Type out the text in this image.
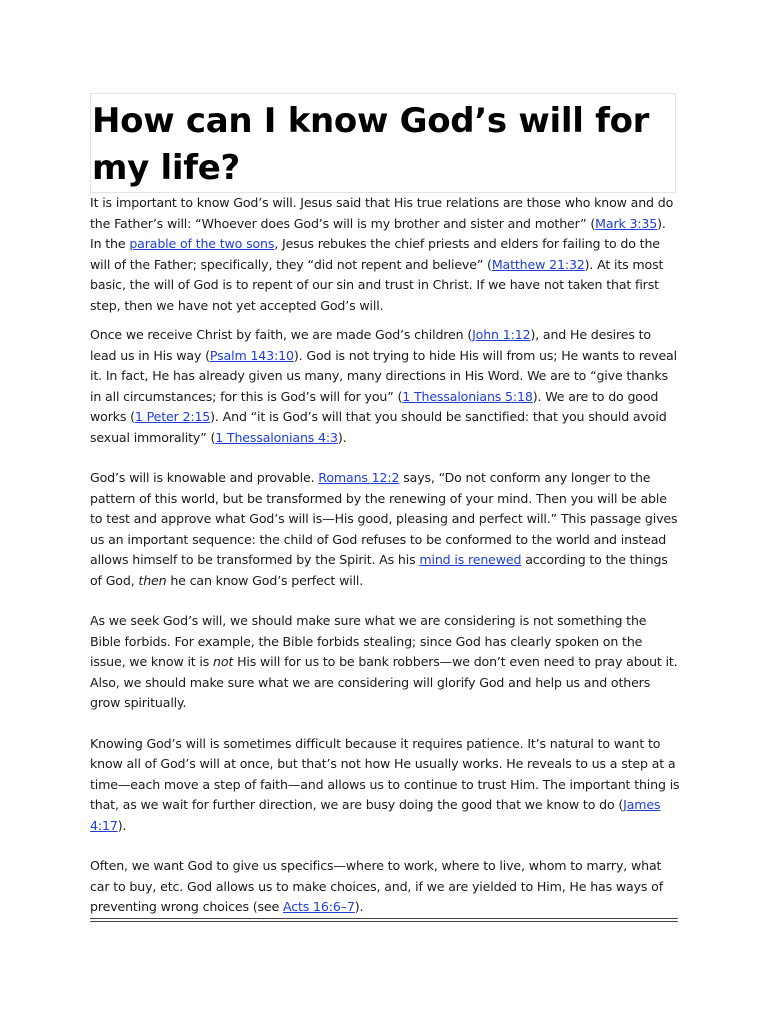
How can I know God’s will for my life?

It is important to know God’s will. Jesus said that His true relations are those who know and do the Father’s will: “Whoever does God’s will is my brother and sister and mother” (Mark 3:35). In the parable of the two sons, Jesus rebukes the chief priests and elders for failing to do the will of the Father; specifically, they “did not repent and believe” (Matthew 21:32). At its most basic, the will of God is to repent of our sin and trust in Christ. If we have not taken that first step, then we have not yet accepted God’s will.

Once we receive Christ by faith, we are made God’s children (John 1:12), and He desires to lead us in His way (Psalm 143:10). God is not trying to hide His will from us; He wants to reveal it. In fact, He has already given us many, many directions in His Word. We are to “give thanks in all circumstances; for this is God’s will for you” (1 Thessalonians 5:18). We are to do good works (1 Peter 2:15). And “it is God’s will that you should be sanctified: that you should avoid sexual immorality” (1 Thessalonians 4:3).

God’s will is knowable and provable. Romans 12:2 says, “Do not conform any longer to the pattern of this world, but be transformed by the renewing of your mind. Then you will be able to test and approve what God’s will is—His good, pleasing and perfect will.” This passage gives us an important sequence: the child of God refuses to be conformed to the world and instead allows himself to be transformed by the Spirit. As his mind is renewed according to the things of God, then he can know God’s perfect will.

As we seek God’s will, we should make sure what we are considering is not something the Bible forbids. For example, the Bible forbids stealing; since God has clearly spoken on the issue, we know it is not His will for us to be bank robbers—we don’t even need to pray about it. Also, we should make sure what we are considering will glorify God and help us and others grow spiritually.

Knowing God’s will is sometimes difficult because it requires patience. It’s natural to want to know all of God’s will at once, but that’s not how He usually works. He reveals to us a step at a time—each move a step of faith—and allows us to continue to trust Him. The important thing is that, as we wait for further direction, we are busy doing the good that we know to do (James 4:17).

Often, we want God to give us specifics—where to work, where to live, whom to marry, what car to buy, etc. God allows us to make choices, and, if we are yielded to Him, He has ways of preventing wrong choices (see Acts 16:6–7).
